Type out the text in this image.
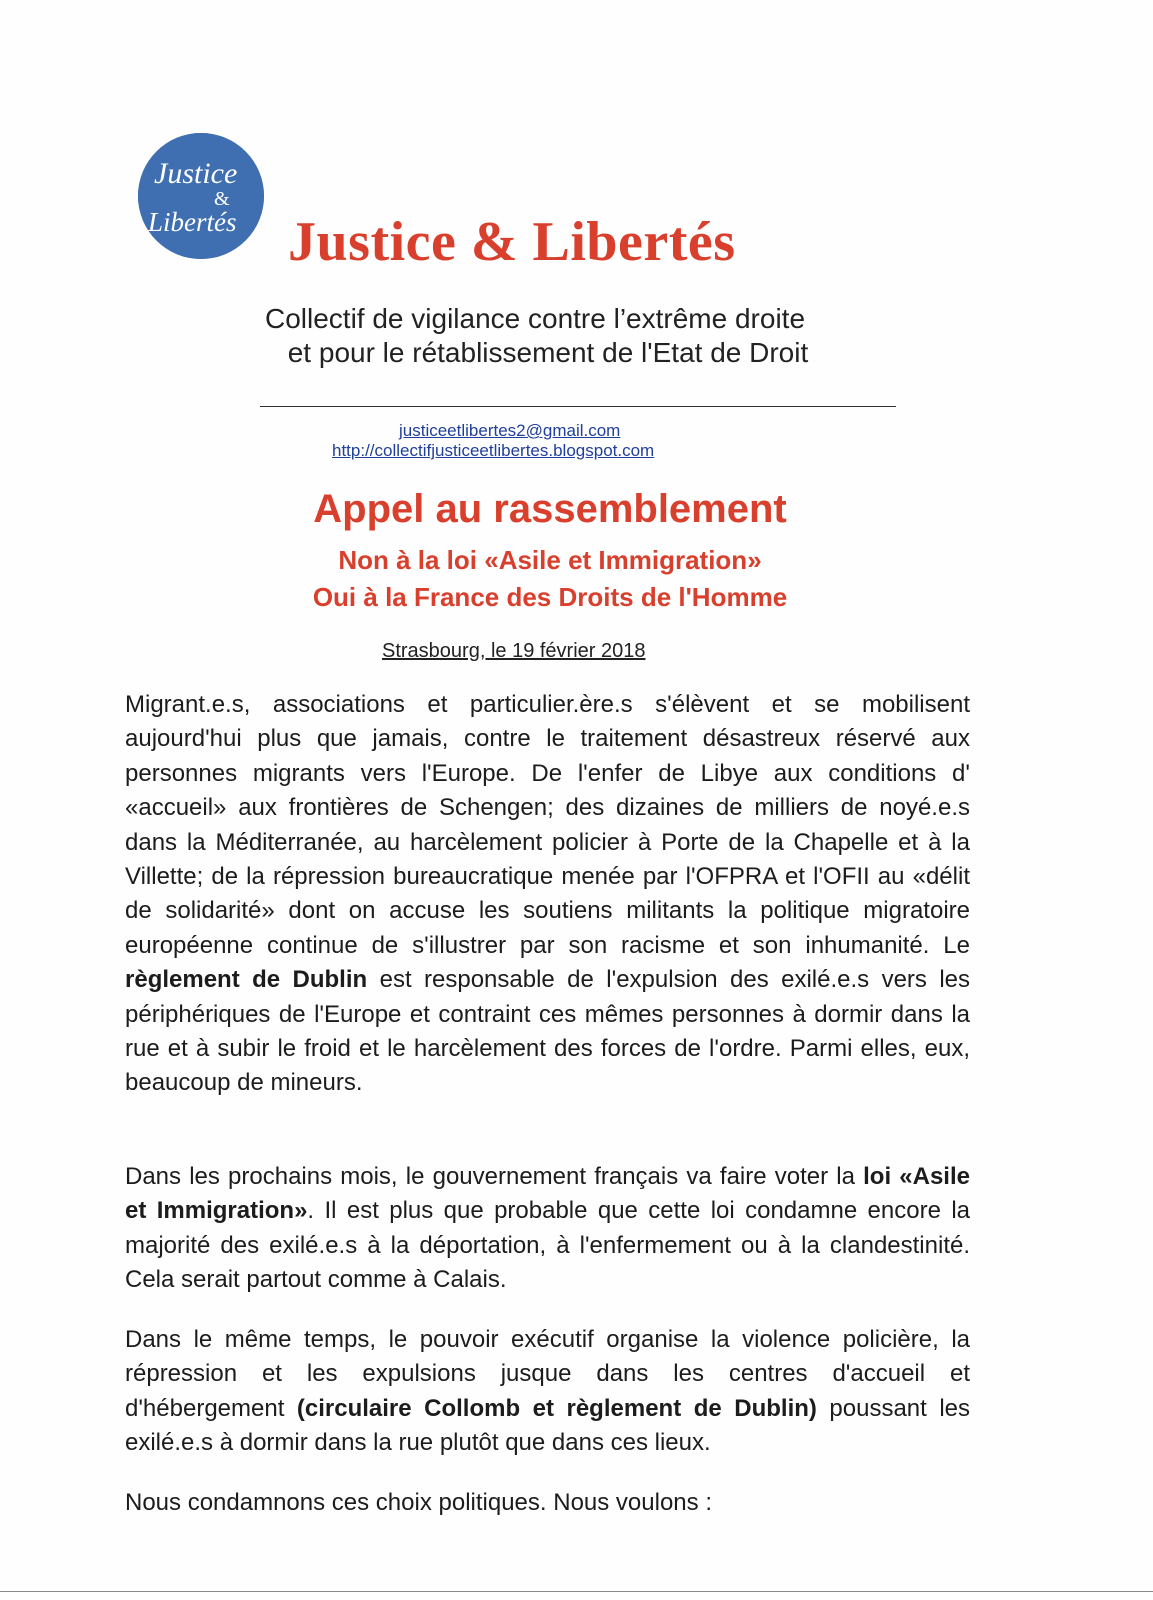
Justice
&
Libertés Justice & Libertés
Collectif de vigilance contre l’extrême droite
et pour le rétablissement de l'Etat de Droit
justiceetlibertes2@gmail.com
http://collectifjusticeetlibertes.blogspot.com
Appel au rassemblement
Non à la loi «Asile et Immigration»
Oui à la France des Droits de l'Homme
Strasbourg, le 19 février 2018

Migrant.e.s, associations et particulier.ère.s s'élèvent et se mobilisent aujourd'hui plus que jamais, contre le traitement désastreux réservé aux personnes migrants vers l'Europe. De l'enfer de Libye aux conditions d' «accueil» aux frontières de Schengen; des dizaines de milliers de noyé.e.s dans la Méditerranée, au harcèlement policier à Porte de la Chapelle et à la Villette; de la répression bureaucratique menée par l'OFPRA et l'OFII au «délit de solidarité» dont on accuse les soutiens militants la politique migratoire européenne continue de s'illustrer par son racisme et son inhumanité. Le règlement de Dublin est responsable de l'expulsion des exilé.e.s vers les périphériques de l'Europe et contraint ces mêmes personnes à dormir dans la rue et à subir le froid et le harcèlement des forces de l'ordre. Parmi elles, eux, beaucoup de mineurs.

Dans les prochains mois, le gouvernement français va faire voter la loi «Asile et Immigration». Il est plus que probable que cette loi condamne encore la majorité des exilé.e.s à la déportation, à l'enfermement ou à la clandestinité. Cela serait partout comme à Calais.

Dans le même temps, le pouvoir exécutif organise la violence policière, la répression et les expulsions jusque dans les centres d'accueil et d'hébergement (circulaire Collomb et règlement de Dublin) poussant les exilé.e.s à dormir dans la rue plutôt que dans ces lieux.

Nous condamnons ces choix politiques. Nous voulons :
